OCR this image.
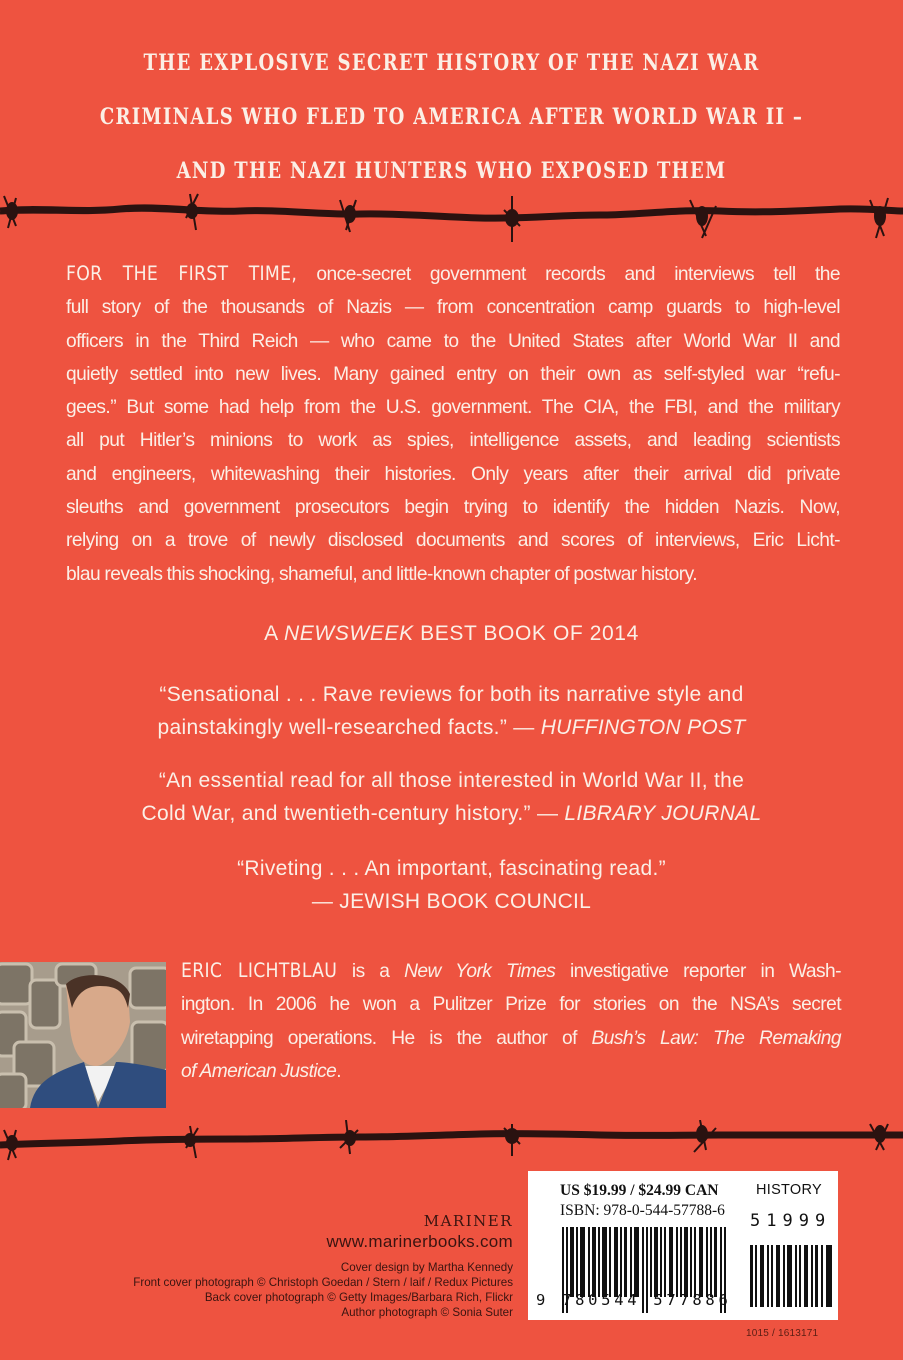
THE EXPLOSIVE SECRET HISTORY OF THE NAZI WAR
CRIMINALS WHO FLED TO AMERICA AFTER WORLD WAR II –
AND THE NAZI HUNTERS WHO EXPOSED THEM
FOR THE FIRST TIME, once-secret government records and interviews tell the
full story of the thousands of Nazis — from concentration camp guards to high-level
officers in the Third Reich — who came to the United States after World War II and
quietly settled into new lives. Many gained entry on their own as self-styled war “refu-
gees.” But some had help from the U.S. government. The CIA, the FBI, and the military
all put Hitler’s minions to work as spies, intelligence assets, and leading scientists
and engineers, whitewashing their histories. Only years after their arrival did private
sleuths and government prosecutors begin trying to identify the hidden Nazis. Now,
relying on a trove of newly disclosed documents and scores of interviews, Eric Licht-
blau reveals this shocking, shameful, and little-known chapter of postwar history.
A NEWSWEEK BEST BOOK OF 2014
“Sensational . . . Rave reviews for both its narrative style and
painstakingly well-researched facts.” — HUFFINGTON POST
“An essential read for all those interested in World War II, the
Cold War, and twentieth-century history.” — LIBRARY JOURNAL
“Riveting . . . An important, fascinating read.”
— JEWISH BOOK COUNCIL
ERIC LICHTBLAU is a New York Times investigative reporter in Wash-
ington. In 2006 he won a Pulitzer Prize for stories on the NSA’s secret
wiretapping operations. He is the author of Bush’s Law: The Remaking
of American Justice.
MARINER
www.marinerbooks.com
Cover design by Martha Kennedy
Front cover photograph © Christoph Goedan / Stern / laif / Redux Pictures
Back cover photograph © Getty Images/Barbara Rich, Flickr
Author photograph © Sonia Suter
US $19.99 / $24.99 CAN
ISBN: 978-0-544-57788-6
HISTORY
9 780544 577886
51999
1015 / 1613171
